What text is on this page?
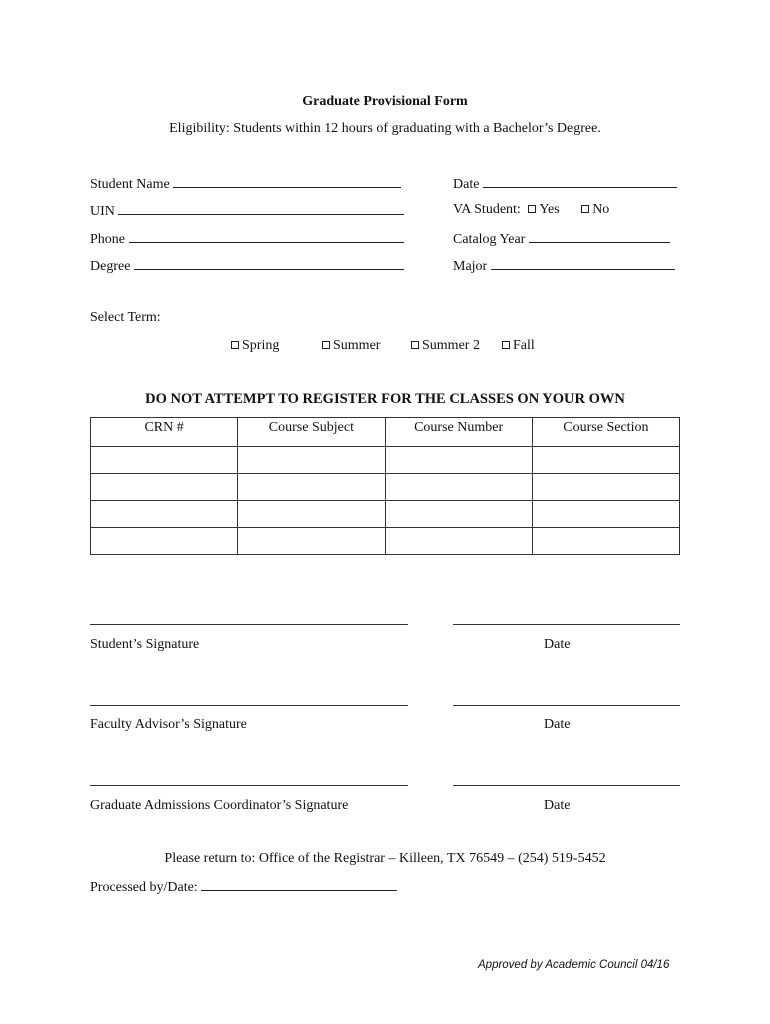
Graduate Provisional Form
Eligibility: Students within 12 hours of graduating with a Bachelor’s Degree.
Student Name
UIN
Phone
Degree
Date
VA Student: Yes No
Catalog Year
Major
Select Term:
Spring	Summer	Summer 2	Fall
DO NOT ATTEMPT TO REGISTER FOR THE CLASSES ON YOUR OWN
CRN #	Course Subject	Course Number	Course Section

Student’s Signature	Date
Faculty Advisor’s Signature	Date
Graduate Admissions Coordinator’s Signature	Date
Please return to: Office of the Registrar – Killeen, TX 76549 – (254) 519-5452
Processed by/Date:
Approved by Academic Council 04/16
